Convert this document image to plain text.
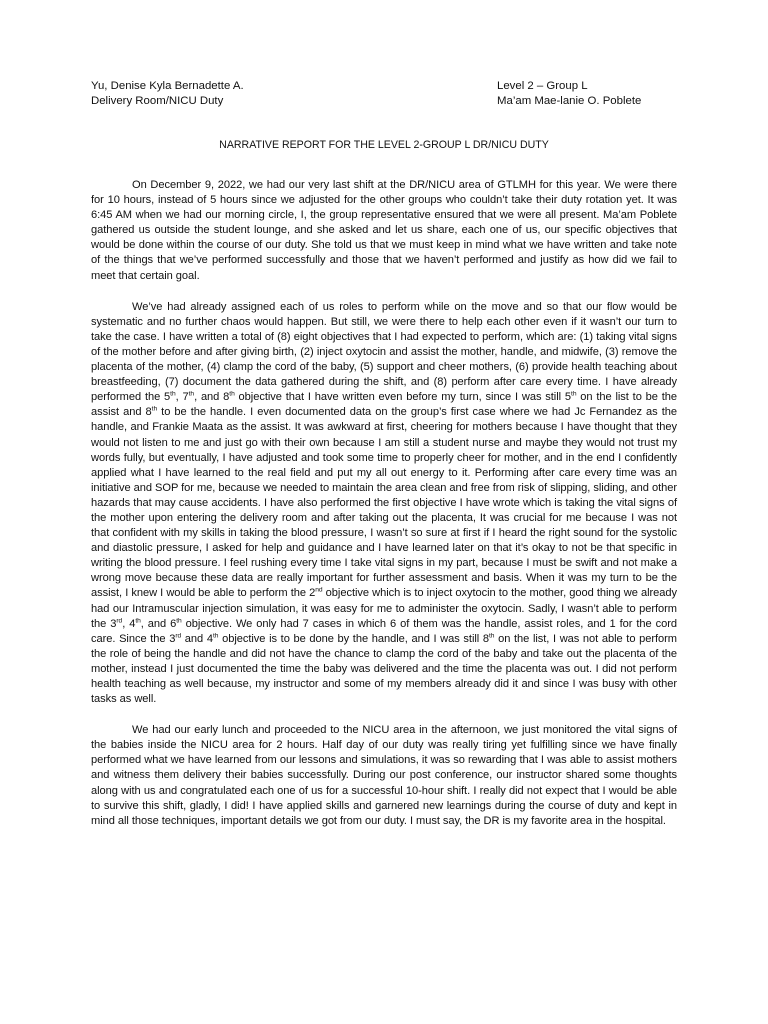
Yu, Denise Kyla Bernadette A.
Delivery Room/NICU Duty
Level 2 – Group L
Ma’am Mae-lanie O. Poblete
NARRATIVE REPORT FOR THE LEVEL 2-GROUP L DR/NICU DUTY

On December 9, 2022, we had our very last shift at the DR/NICU area of GTLMH for this year. We were there for 10 hours, instead of 5 hours since we adjusted for the other groups who couldn’t take their duty rotation yet. It was 6:45 AM when we had our morning circle, I, the group representative ensured that we were all present. Ma’am Poblete gathered us outside the student lounge, and she asked and let us share, each one of us, our specific objectives that would be done within the course of our duty. She told us that we must keep in mind what we have written and take note of the things that we’ve performed successfully and those that we haven’t performed and justify as how did we fail to meet that certain goal.

We’ve had already assigned each of us roles to perform while on the move and so that our flow would be systematic and no further chaos would happen. But still, we were there to help each other even if it wasn’t our turn to take the case. I have written a total of (8) eight objectives that I had expected to perform, which are: (1) taking vital signs of the mother before and after giving birth, (2) inject oxytocin and assist the mother, handle, and midwife, (3) remove the placenta of the mother, (4) clamp the cord of the baby, (5) support and cheer mothers, (6) provide health teaching about breastfeeding, (7) document the data gathered during the shift, and (8) perform after care every time. I have already performed the 5th, 7th, and 8th objective that I have written even before my turn, since I was still 5th on the list to be the assist and 8th to be the handle. I even documented data on the group’s first case where we had Jc Fernandez as the handle, and Frankie Maata as the assist. It was awkward at first, cheering for mothers because I have thought that they would not listen to me and just go with their own because I am still a student nurse and maybe they would not trust my words fully, but eventually, I have adjusted and took some time to properly cheer for mother, and in the end I confidently applied what I have learned to the real field and put my all out energy to it. Performing after care every time was an initiative and SOP for me, because we needed to maintain the area clean and free from risk of slipping, sliding, and other hazards that may cause accidents. I have also performed the first objective I have wrote which is taking the vital signs of the mother upon entering the delivery room and after taking out the placenta, It was crucial for me because I was not that confident with my skills in taking the blood pressure, I wasn’t so sure at first if I heard the right sound for the systolic and diastolic pressure, I asked for help and guidance and I have learned later on that it’s okay to not be that specific in writing the blood pressure. I feel rushing every time I take vital signs in my part, because I must be swift and not make a wrong move because these data are really important for further assessment and basis. When it was my turn to be the assist, I knew I would be able to perform the 2nd objective which is to inject oxytocin to the mother, good thing we already had our Intramuscular injection simulation, it was easy for me to administer the oxytocin. Sadly, I wasn’t able to perform the 3rd, 4th, and 6th objective. We only had 7 cases in which 6 of them was the handle, assist roles, and 1 for the cord care. Since the 3rd and 4th objective is to be done by the handle, and I was still 8th on the list, I was not able to perform the role of being the handle and did not have the chance to clamp the cord of the baby and take out the placenta of the mother, instead I just documented the time the baby was delivered and the time the placenta was out. I did not perform health teaching as well because, my instructor and some of my members already did it and since I was busy with other tasks as well.

We had our early lunch and proceeded to the NICU area in the afternoon, we just monitored the vital signs of the babies inside the NICU area for 2 hours. Half day of our duty was really tiring yet fulfilling since we have finally performed what we have learned from our lessons and simulations, it was so rewarding that I was able to assist mothers and witness them delivery their babies successfully. During our post conference, our instructor shared some thoughts along with us and congratulated each one of us for a successful 10-hour shift. I really did not expect that I would be able to survive this shift, gladly, I did! I have applied skills and garnered new learnings during the course of duty and kept in mind all those techniques, important details we got from our duty. I must say, the DR is my favorite area in the hospital.
